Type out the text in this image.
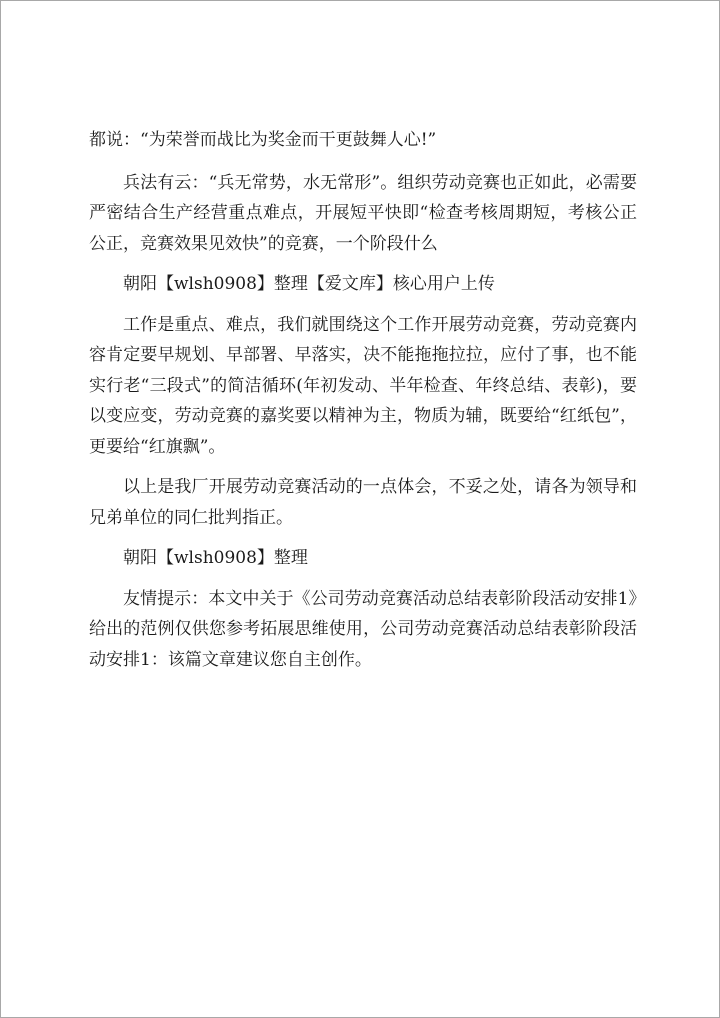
都说：“为荣誉而战比为奖金而干更鼓舞人心!”

兵法有云：“兵无常势，水无常形”。组织劳动竞赛也正如此，必需要严密结合生产经营重点难点，开展短平快即“检查考核周期短，考核公正公正，竞赛效果见效快”的竞赛，一个阶段什么

朝阳【wlsh0908】整理【爱文库】核心用户上传

工作是重点、难点，我们就围绕这个工作开展劳动竞赛，劳动竞赛内容肯定要早规划、早部署、早落实，决不能拖拖拉拉，应付了事，也不能实行老“三段式”的简洁循环(年初发动、半年检查、年终总结、表彰)，要以变应变，劳动竞赛的嘉奖要以精神为主，物质为辅，既要给“红纸包”，更要给“红旗飘”。

以上是我厂开展劳动竞赛活动的一点体会，不妥之处，请各为领导和兄弟单位的同仁批判指正。

朝阳【wlsh0908】整理

友情提示：本文中关于《公司劳动竞赛活动总结表彰阶段活动安排1》给出的范例仅供您参考拓展思维使用，公司劳动竞赛活动总结表彰阶段活动安排1：该篇文章建议您自主创作。
